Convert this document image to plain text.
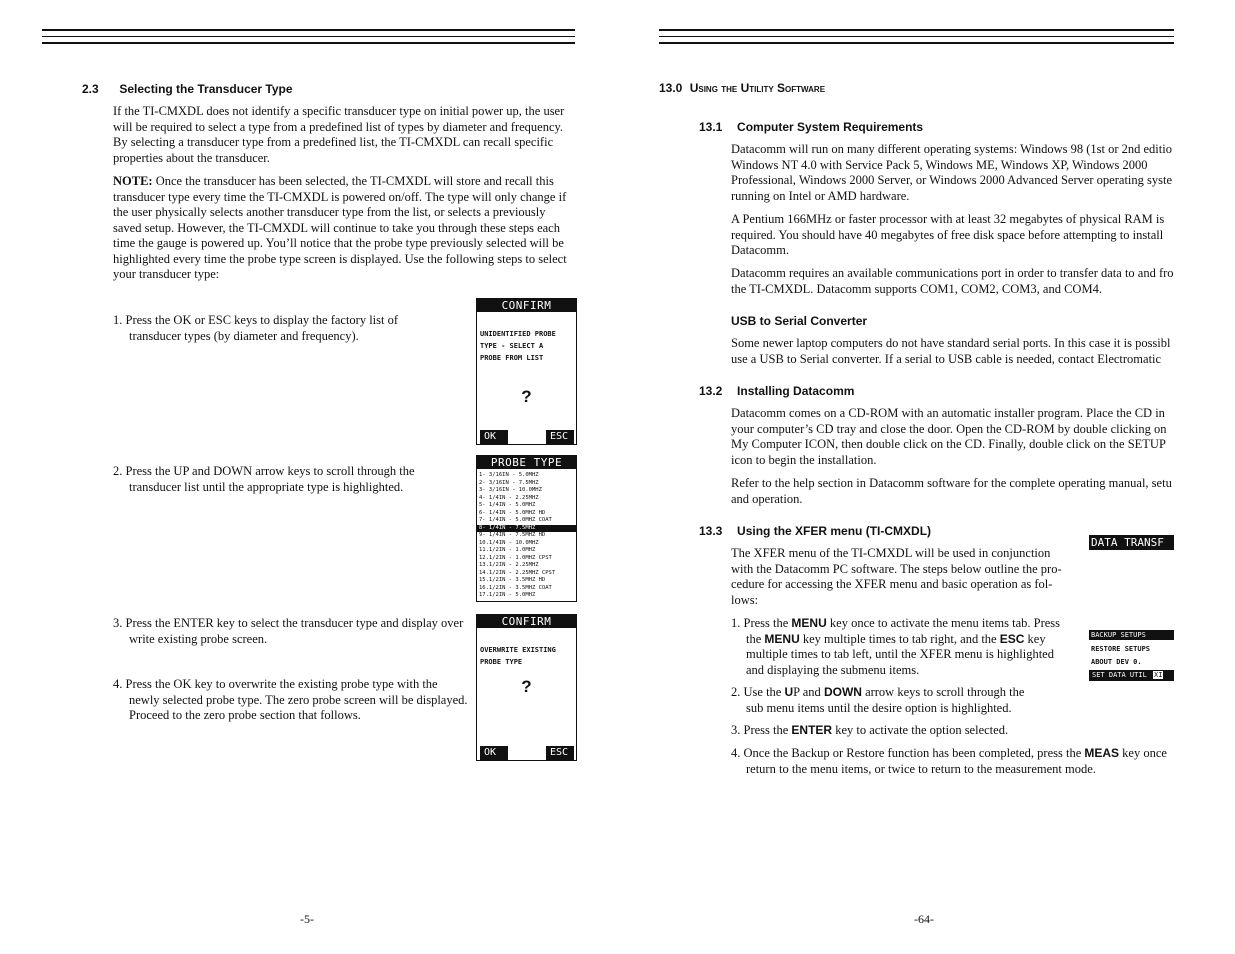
2.3 Selecting the Transducer Type
If the TI-CMXDL does not identify a specific transducer type on initial power up, the user will be required to select a type from a predefined list of types by diameter and frequency. By selecting a transducer type from a predefined list, the TI-CMXDL can recall specific properties about the transducer.
NOTE: Once the transducer has been selected, the TI-CMXDL will store and recall this transducer type every time the TI-CMXDL is powered on/off. The type will only change if the user physically selects another transducer type from the list, or selects a previously saved setup. However, the TI-CMXDL will continue to take you through these steps each time the gauge is powered up. You’ll notice that the probe type previously selected will be highlighted every time the probe type screen is displayed. Use the following steps to select your transducer type:
1. Press the OK or ESC keys to display the factory list of transducer types (by diameter and frequency).
2. Press the UP and DOWN arrow keys to scroll through the transducer list until the appropriate type is highlighted.
3. Press the ENTER key to select the transducer type and display over write existing probe screen.
4. Press the OK key to overwrite the existing probe type with the newly selected probe type. The zero probe screen will be displayed. Proceed to the zero probe section that follows.
CONFIRM
UNIDENTIFIED PROBE
TYPE - SELECT A
PROBE FROM LIST
?
OK	ESC
PROBE TYPE
1- 3/16IN - 5.0MHZ
2- 3/16IN - 7.5MHZ
3- 3/16IN - 10.0MHZ
4- 1/4IN - 2.25MHZ
5- 1/4IN - 5.0MHZ
6- 1/4IN - 5.0MHZ HD
7- 1/4IN - 5.0MHZ COAT
8- 1/4IN - 7.5MHZ
9- 1/4IN - 7.5MHZ HD
10.1/4IN - 10.0MHZ
11.1/2IN - 1.0MHZ
12.1/2IN - 1.0MHZ CPST
13.1/2IN - 2.25MHZ
14.1/2IN - 2.25MHZ CPST
15.1/2IN - 3.5MHZ HD
16.1/2IN - 3.5MHZ COAT
17.1/2IN - 5.0MHZ
CONFIRM
OVERWRITE EXISTING
PROBE TYPE
?
OK	ESC
-5-
13.0 Using the Utility Software
13.1 Computer System Requirements
Datacomm will run on many different operating systems: Windows 98 (1st or 2nd editio
Windows NT 4.0 with Service Pack 5, Windows ME, Windows XP, Windows 2000
Professional, Windows 2000 Server, or Windows 2000 Advanced Server operating syste
running on Intel or AMD hardware.
A Pentium 166MHz or faster processor with at least 32 megabytes of physical RAM is
required. You should have 40 megabytes of free disk space before attempting to install
Datacomm.
Datacomm requires an available communications port in order to transfer data to and fro
the TI-CMXDL. Datacomm supports COM1, COM2, COM3, and COM4.
USB to Serial Converter
Some newer laptop computers do not have standard serial ports. In this case it is possibl
use a USB to Serial converter. If a serial to USB cable is needed, contact Electromatic
13.2 Installing Datacomm
Datacomm comes on a CD-ROM with an automatic installer program. Place the CD in
your computer’s CD tray and close the door. Open the CD-ROM by double clicking on
My Computer ICON, then double click on the CD. Finally, double click on the SETUP
icon to begin the installation.
Refer to the help section in Datacomm software for the complete operating manual, setu
and operation.
13.3 Using the XFER menu (TI-CMXDL)
The XFER menu of the TI-CMXDL will be used in conjunction
with the Datacomm PC software. The steps below outline the pro-
cedure for accessing the XFER menu and basic operation as fol-
lows:
1. Press the MENU key once to activate the menu items tab. Press
the MENU key multiple times to tab right, and the ESC key
multiple times to tab left, until the XFER menu is highlighted
and displaying the submenu items.
2. Use the UP and DOWN arrow keys to scroll through the
sub menu items until the desire option is highlighted.
3. Press the ENTER key to activate the option selected.
4. Once the Backup or Restore function has been completed, press the MEAS key once
return to the menu items, or twice to return to the measurement mode.
DATA TRANSF
BACKUP SETUPS
RESTORE SETUPS
ABOUT DEV 0.
SET DATA UTIL XI
-64-
